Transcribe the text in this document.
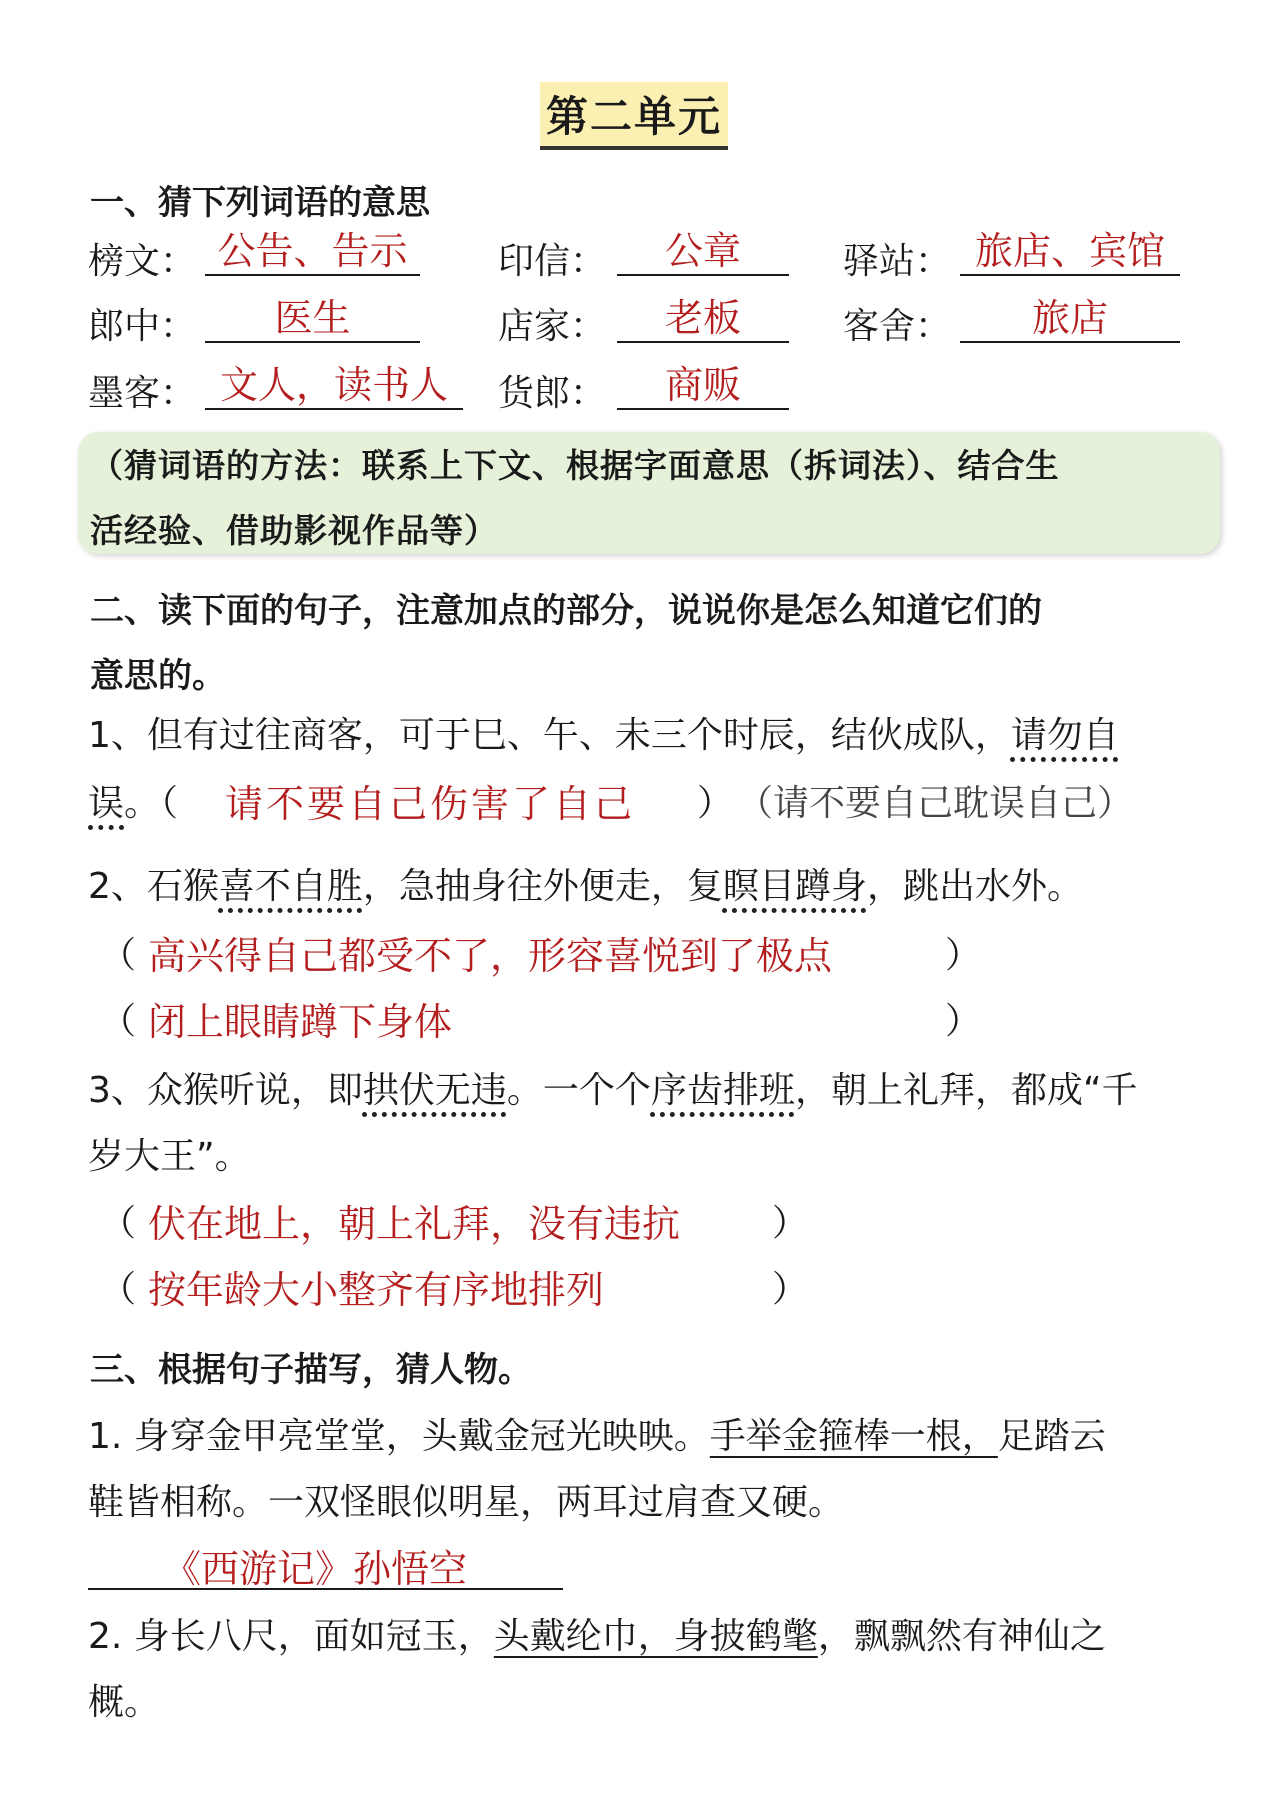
第二单元
一、猜下列词语的意思
榜文： 公告、告示	印信：	公章	驿站： 旅店、宾馆
郎中：	医生	店家：	老板	客舍：	旅店
墨客： 文人，读书人	货郎：	商贩
（猜词语的方法：联系上下文、根据字面意思（拆词法）、结合生
活经验、借助影视作品等）
二、读下面的句子，注意加点的部分，说说你是怎么知道它们的
意思的。
1、但有过往商客，可于巳、午、未三个时辰，结伙成队，请勿自
误。（ 请不要自己伤害了自己 ） （请不要自己耽误自己）
2、石猴喜不自胜，急抽身往外便走，复瞑目蹲身，跳出水外。
（ 高兴得自己都受不了，形容喜悦到了极点	）
（ 闭上眼睛蹲下身体	）
3、众猴听说，即拱伏无违。一个个序齿排班，朝上礼拜，都成“千
岁大王”。
（ 伏在地上，朝上礼拜，没有违抗	）
（ 按年龄大小整齐有序地排列	）
三、根据句子描写，猜人物。
1. 身穿金甲亮堂堂，头戴金冠光映映。手举金箍棒一根，足踏云
鞋皆相称。一双怪眼似明星，两耳过肩查又硬。
《西游记》孙悟空
2. 身长八尺，面如冠玉，头戴纶巾，身披鹤氅，飘飘然有神仙之
概。
